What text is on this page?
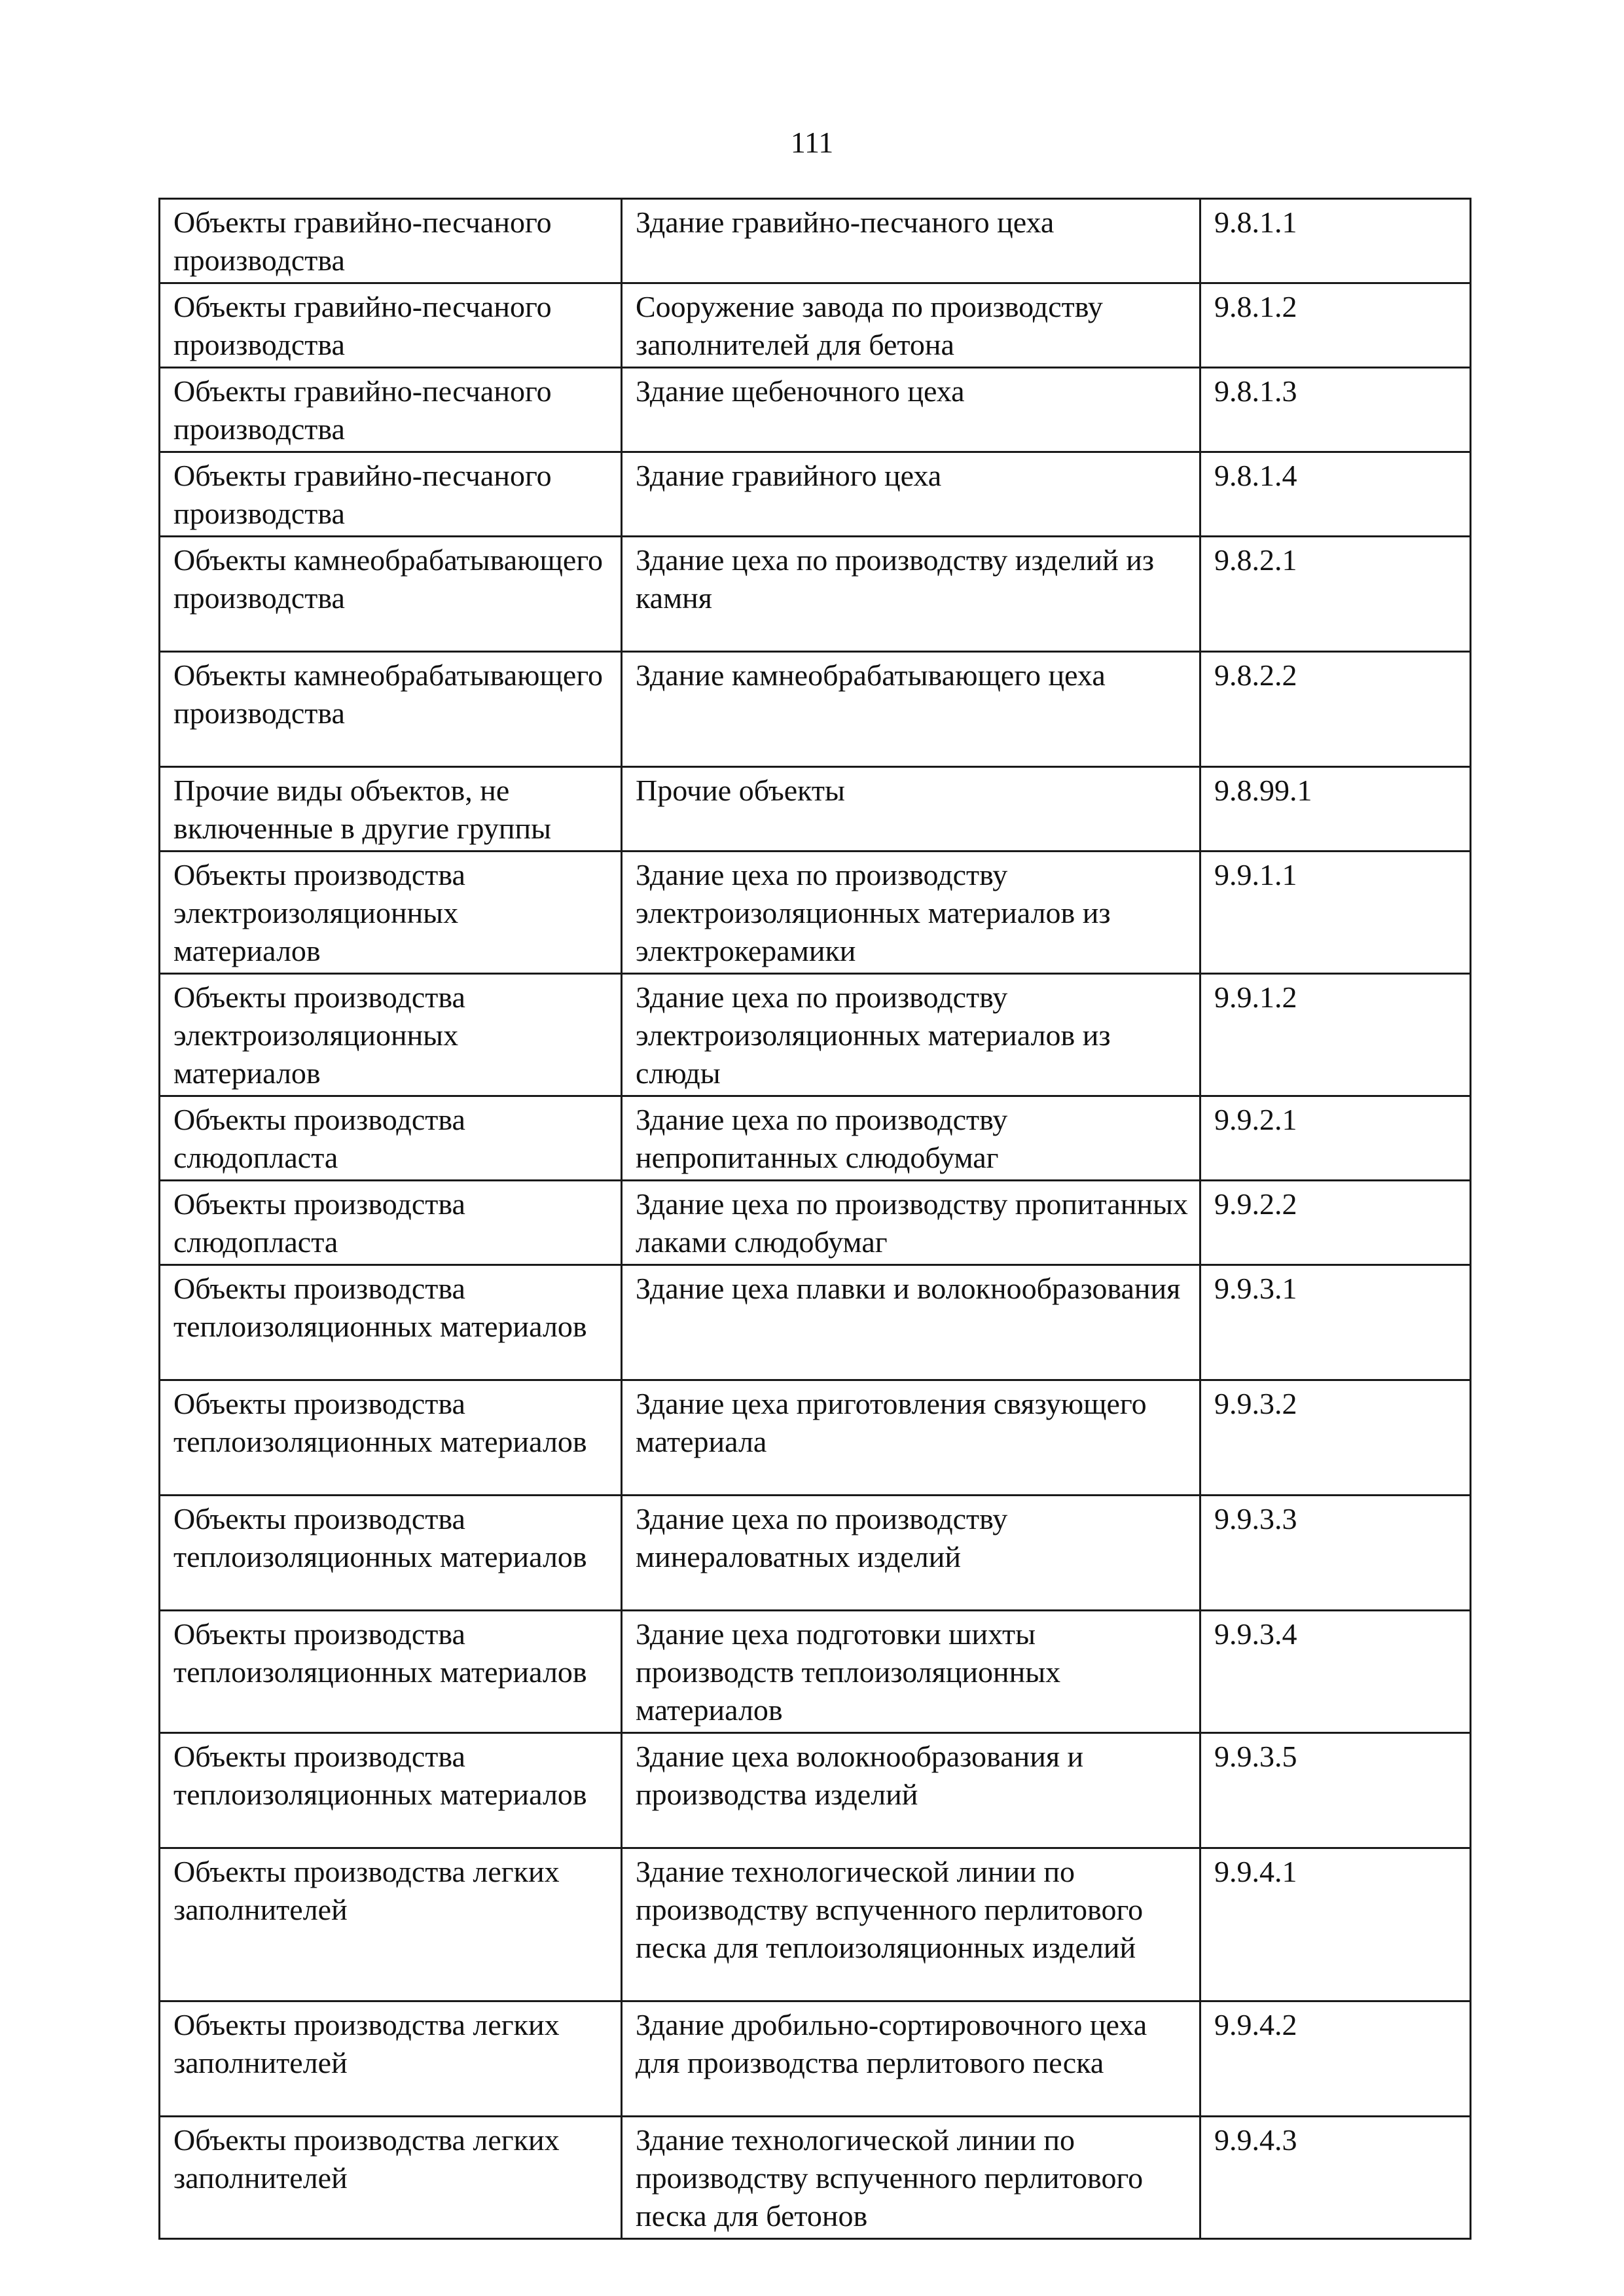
111
Объекты гравийно-песчаного производства	Здание гравийно-песчаного цеха	9.8.1.1
Объекты гравийно-песчаного производства	Сооружение завода по производству заполнителей для бетона	9.8.1.2
Объекты гравийно-песчаного производства	Здание щебеночного цеха	9.8.1.3
Объекты гравийно-песчаного производства	Здание гравийного цеха	9.8.1.4
Объекты камнеобрабатывающего производства	Здание цеха по производству изделий из камня	9.8.2.1
Объекты камнеобрабатывающего производства	Здание камнеобрабатывающего цеха	9.8.2.2
Прочие виды объектов, не включенные в другие группы	Прочие объекты	9.8.99.1
Объекты производства электроизоляционных материалов	Здание цеха по производству электроизоляционных материалов из электрокерамики	9.9.1.1
Объекты производства электроизоляционных материалов	Здание цеха по производству электроизоляционных материалов из слюды	9.9.1.2
Объекты производства слюдопласта	Здание цеха по производству непропитанных слюдобумаг	9.9.2.1
Объекты производства слюдопласта	Здание цеха по производству пропитанных лаками слюдобумаг	9.9.2.2
Объекты производства теплоизоляционных материалов	Здание цеха плавки и волокнообразования	9.9.3.1
Объекты производства теплоизоляционных материалов	Здание цеха приготовления связующего материала	9.9.3.2
Объекты производства теплоизоляционных материалов	Здание цеха по производству минераловатных изделий	9.9.3.3
Объекты производства теплоизоляционных материалов	Здание цеха подготовки шихты производств теплоизоляционных материалов	9.9.3.4
Объекты производства теплоизоляционных материалов	Здание цеха волокнообразования и производства изделий	9.9.3.5
Объекты производства легких заполнителей	Здание технологической линии по производству вспученного перлитового песка для теплоизоляционных изделий	9.9.4.1
Объекты производства легких заполнителей	Здание дробильно-сортировочного цеха для производства перлитового песка	9.9.4.2
Объекты производства легких заполнителей	Здание технологической линии по производству вспученного перлитового песка для бетонов	9.9.4.3
